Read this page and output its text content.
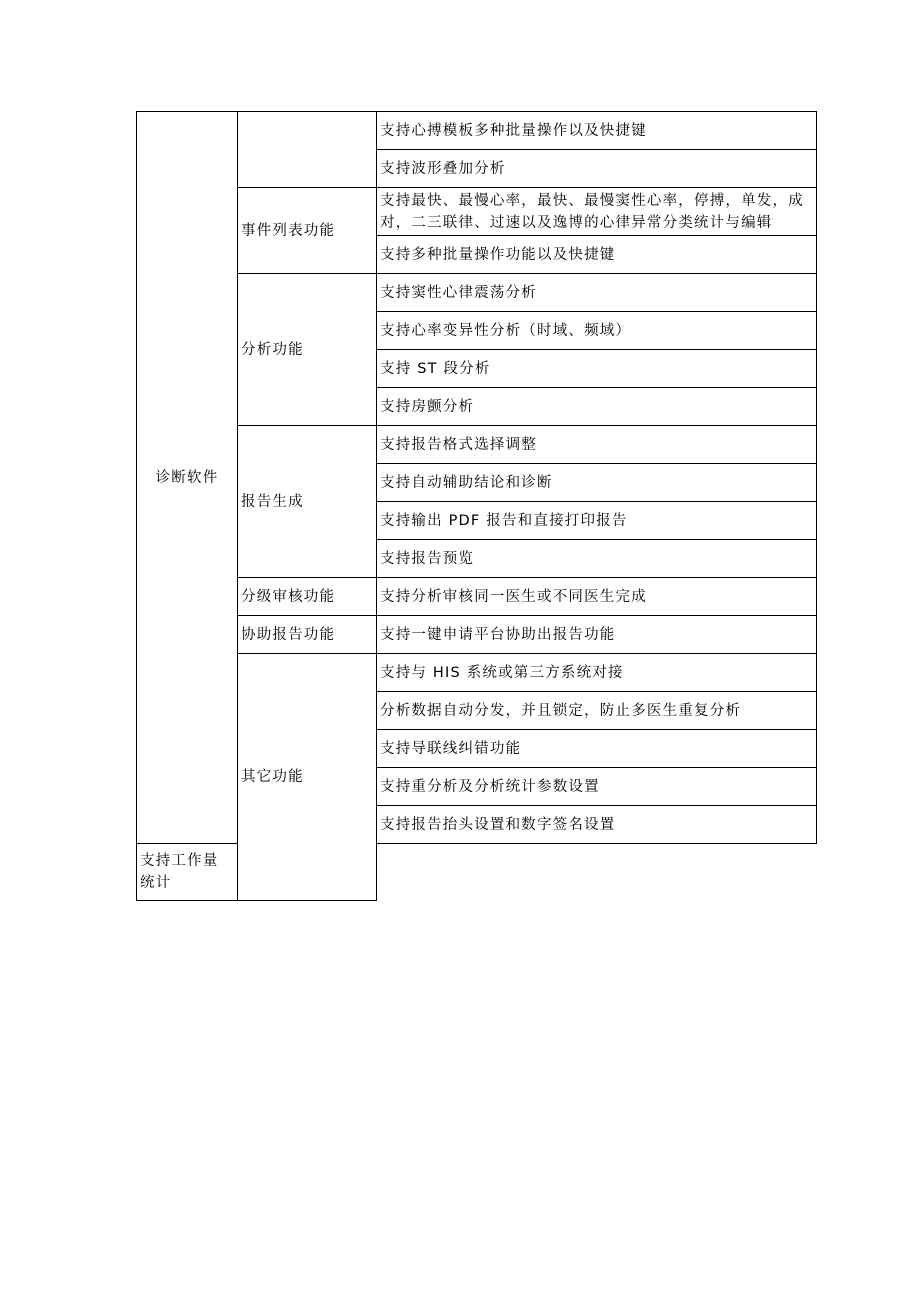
诊断软件		支持心搏模板多种批量操作以及快捷键
		支持波形叠加分析
	事件列表功能	支持最快、最慢心率，最快、最慢窦性心率，停搏，单发，成对，二三联律、过速以及逸博的心律异常分类统计与编辑
		支持多种批量操作功能以及快捷键
	分析功能	支持窦性心律震荡分析
		支持心率变异性分析（时域、频域）
		支持 ST 段分析
		支持房颤分析
	报告生成	支持报告格式选择调整
		支持自动辅助结论和诊断
		支持输出 PDF 报告和直接打印报告
		支持报告预览
	分级审核功能	支持分析审核同一医生或不同医生完成
	协助报告功能	支持一键申请平台协助出报告功能
	其它功能	支持与 HIS 系统或第三方系统对接
		分析数据自动分发，并且锁定，防止多医生重复分析
		支持导联线纠错功能
		支持重分析及分析统计参数设置
		支持报告抬头设置和数字签名设置
支持工作量统计		
